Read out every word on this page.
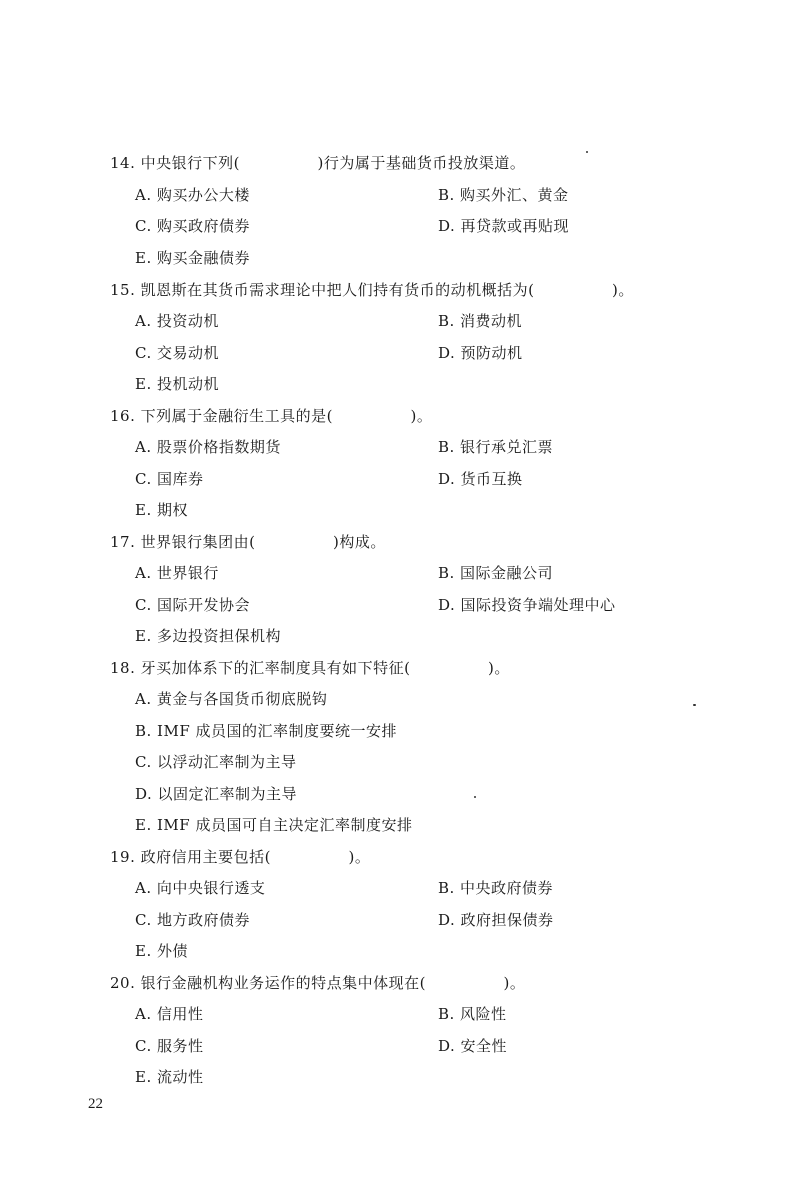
14. 中央银行下列(　　　　　)行为属于基础货币投放渠道。
A. 购买办公大楼	B. 购买外汇、黄金
C. 购买政府债券	D. 再贷款或再贴现
E. 购买金融债券
15. 凯恩斯在其货币需求理论中把人们持有货币的动机概括为(　　　　　)。
A. 投资动机	B. 消费动机
C. 交易动机	D. 预防动机
E. 投机动机
16. 下列属于金融衍生工具的是(　　　　　)。
A. 股票价格指数期货	B. 银行承兑汇票
C. 国库券	D. 货币互换
E. 期权
17. 世界银行集团由(　　　　　)构成。
A. 世界银行	B. 国际金融公司
C. 国际开发协会	D. 国际投资争端处理中心
E. 多边投资担保机构
18. 牙买加体系下的汇率制度具有如下特征(　　　　　)。
A. 黄金与各国货币彻底脱钩
B. IMF 成员国的汇率制度要统一安排
C. 以浮动汇率制为主导
D. 以固定汇率制为主导
E. IMF 成员国可自主决定汇率制度安排
19. 政府信用主要包括(　　　　　)。
A. 向中央银行透支	B. 中央政府债券
C. 地方政府债券	D. 政府担保债券
E. 外债
20. 银行金融机构业务运作的特点集中体现在(　　　　　)。
A. 信用性	B. 风险性
C. 服务性	D. 安全性
E. 流动性
22
